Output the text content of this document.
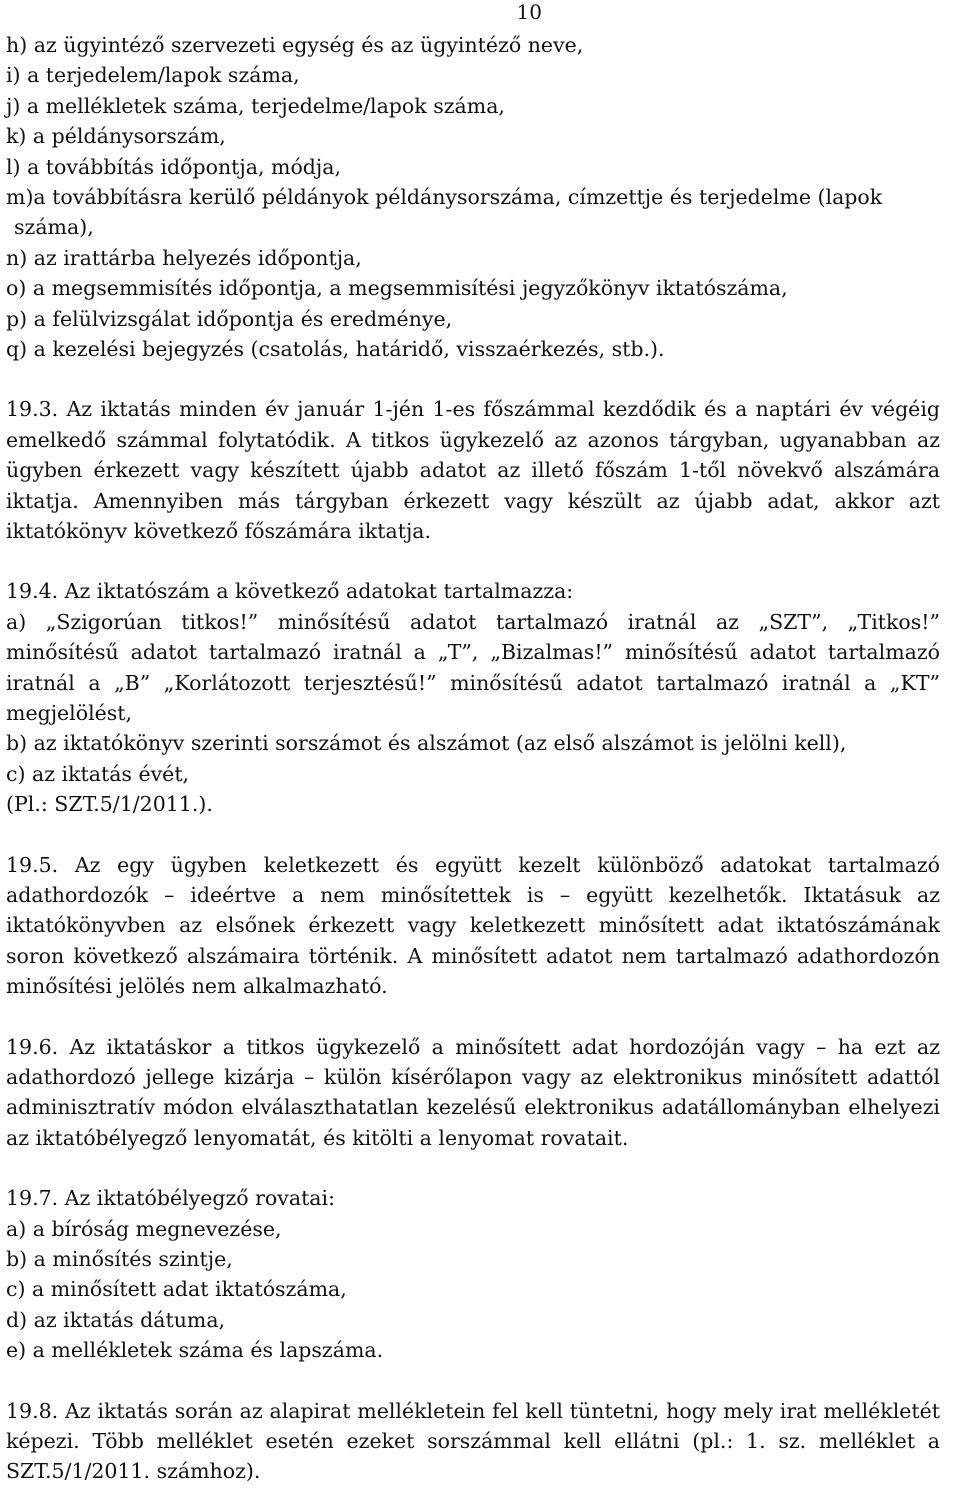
10
h) az ügyintéző szervezeti egység és az ügyintéző neve,
i) a terjedelem/lapok száma,
j) a mellékletek száma, terjedelme/lapok száma,
k) a példánysorszám,
l) a továbbítás időpontja, módja,
m)a továbbításra kerülő példányok példánysorszáma, címzettje és terjedelme (lapok
száma),
n) az irattárba helyezés időpontja,
o) a megsemmisítés időpontja, a megsemmisítési jegyzőkönyv iktatószáma,
p) a felülvizsgálat időpontja és eredménye,
q) a kezelési bejegyzés (csatolás, határidő, visszaérkezés, stb.).

19.3. Az iktatás minden év január 1-jén 1-es főszámmal kezdődik és a naptári év végéig emelkedő számmal folytatódik. A titkos ügykezelő az azonos tárgyban, ugyanabban az ügyben érkezett vagy készített újabb adatot az illető főszám 1-től növekvő alszámára iktatja. Amennyiben más tárgyban érkezett vagy készült az újabb adat, akkor azt iktatókönyv következő főszámára iktatja.

19.4. Az iktatószám a következő adatokat tartalmazza:

a) „Szigorúan titkos!” minősítésű adatot tartalmazó iratnál az „SZT”, „Titkos!” minősítésű adatot tartalmazó iratnál a „T”, „Bizalmas!” minősítésű adatot tartalmazó iratnál a „B” „Korlátozott terjesztésű!” minősítésű adatot tartalmazó iratnál a „KT” megjelölést,

b) az iktatókönyv szerinti sorszámot és alszámot (az első alszámot is jelölni kell),

c) az iktatás évét,

(Pl.: SZT.5/1/2011.).

19.5. Az egy ügyben keletkezett és együtt kezelt különböző adatokat tartalmazó adathordozók – ideértve a nem minősítettek is – együtt kezelhetők. Iktatásuk az iktatókönyvben az elsőnek érkezett vagy keletkezett minősített adat iktatószámának soron következő alszámaira történik. A minősített adatot nem tartalmazó adathordozón minősítési jelölés nem alkalmazható.

19.6. Az iktatáskor a titkos ügykezelő a minősített adat hordozóján vagy – ha ezt az adathordozó jellege kizárja – külön kísérőlapon vagy az elektronikus minősített adattól adminisztratív módon elválaszthatatlan kezelésű elektronikus adatállományban elhelyezi az iktatóbélyegző lenyomatát, és kitölti a lenyomat rovatait.

19.7. Az iktatóbélyegző rovatai:

a) a bíróság megnevezése,

b) a minősítés szintje,

c) a minősített adat iktatószáma,

d) az iktatás dátuma,

e) a mellékletek száma és lapszáma.

19.8. Az iktatás során az alapirat mellékletein fel kell tüntetni, hogy mely irat mellékletét képezi. Több melléklet esetén ezeket sorszámmal kell ellátni (pl.: 1. sz. melléklet a SZT.5/1/2011. számhoz).
